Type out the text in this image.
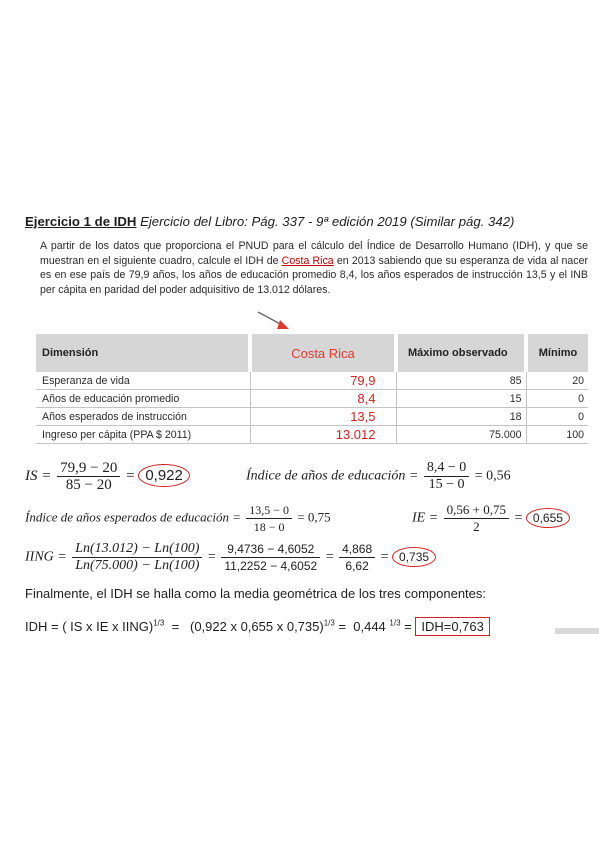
Ejercicio 1 de IDH Ejercicio del Libro: Pág. 337 - 9ª edición 2019 (Similar pág. 342)
A partir de los datos que proporciona el PNUD para el cálculo del Índice de Desarrollo Humano (IDH), y que se muestran en el siguiente cuadro, calcule el IDH de Costa Rica en 2013 sabiendo que su esperanza de vida al nacer es en ese país de 79,9 años, los años de educación promedio 8,4, los años esperados de instrucción 13,5 y el INB per cápita en paridad del poder adquisitivo de 13.012 dólares.
Dimensión	Costa Rica	Máximo observado	Mínimo
Esperanza de vida	79,9	85	20
Años de educación promedio	8,4	15	0
Años esperados de instrucción	13,5	18	0
Ingreso per cápita (PPA $ 2011)	13.012	75.000	100
IS = $\frac{79,9 - 20}{85 - 20} = 0,922$	Índice de años de educación = $\frac{8,4 - 0}{15 - 0} = 0,56$
Índice de años esperados de educación = $\frac{13,5 - 0}{18 - 0} = 0,75$	IE = $\frac{0,56 + 0,75}{2} = 0,655$
IING = $\frac{Ln(13.012) - Ln(100)}{Ln(75.000) - Ln(100)} = \frac{9,4736 - 4,6052}{11,2252 - 4,6052} = \frac{4,868}{6,62} = 0,735$
Finalmente, el IDH se halla como la media geométrica de los tres componentes:
IDH = ( IS x IE x IING)$^{1/3}$  =   (0,922 x 0,655 x 0,735)$^{1/3}$ =  0,444 $^{1/3}$ = IDH=0,763
